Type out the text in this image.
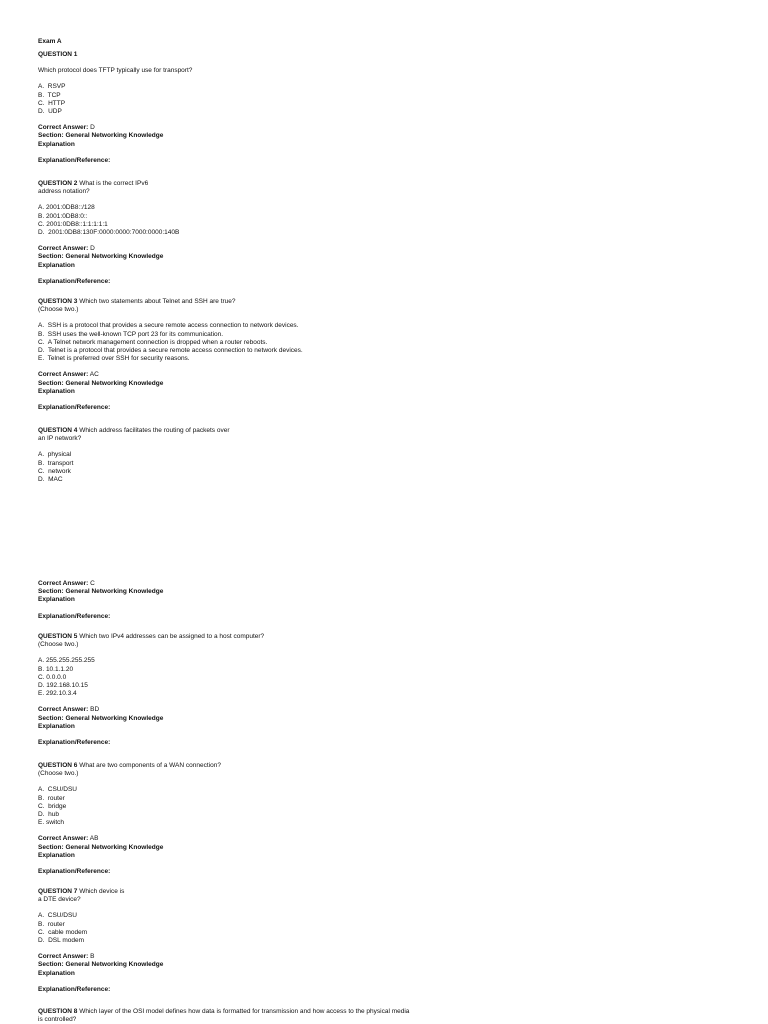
Exam A
QUESTION 1
Which protocol does TFTP typically use for transport?
A.  RSVP
B.  TCP
C.  HTTP
D.  UDP
Correct Answer: D
Section: General Networking Knowledge
Explanation
Explanation/Reference:
QUESTION 2 What is the correct IPv6
address notation?
A. 2001:0DB8::/128
B. 2001:0DB8:0::
C. 2001:0DB8::1:1:1:1:1
D.  2001:0DB8:130F:0000:0000:7000:0000:140B
Correct Answer: D
Section: General Networking Knowledge
Explanation
Explanation/Reference:
QUESTION 3 Which two statements about Telnet and SSH are true?
(Choose two.)
A.  SSH is a protocol that provides a secure remote access connection to network devices.
B.  SSH uses the well-known TCP port 23 for its communication.
C.  A Telnet network management connection is dropped when a router reboots.
D.  Telnet is a protocol that provides a secure remote access connection to network devices.
E.  Telnet is preferred over SSH for security reasons.
Correct Answer: AC
Section: General Networking Knowledge
Explanation
Explanation/Reference:
QUESTION 4 Which address facilitates the routing of packets over
an IP network?
A.  physical
B.  transport
C.  network
D.  MAC
Correct Answer: C
Section: General Networking Knowledge
Explanation
Explanation/Reference:
QUESTION 5 Which two IPv4 addresses can be assigned to a host computer?
(Choose two.)
A. 255.255.255.255
B. 10.1.1.20
C. 0.0.0.0
D. 192.168.10.15
E. 292.10.3.4
Correct Answer: BD
Section: General Networking Knowledge
Explanation
Explanation/Reference:
QUESTION 6 What are two components of a WAN connection?
(Choose two.)
A.  CSU/DSU
B.  router
C.  bridge
D.  hub
E. switch
Correct Answer: AB
Section: General Networking Knowledge
Explanation
Explanation/Reference:
QUESTION 7 Which device is
a DTE device?
A.  CSU/DSU
B.  router
C.  cable modem
D.  DSL modem
Correct Answer: B
Section: General Networking Knowledge
Explanation
Explanation/Reference:
QUESTION 8 Which layer of the OSI model defines how data is formatted for transmission and how access to the physical media
is controlled?
